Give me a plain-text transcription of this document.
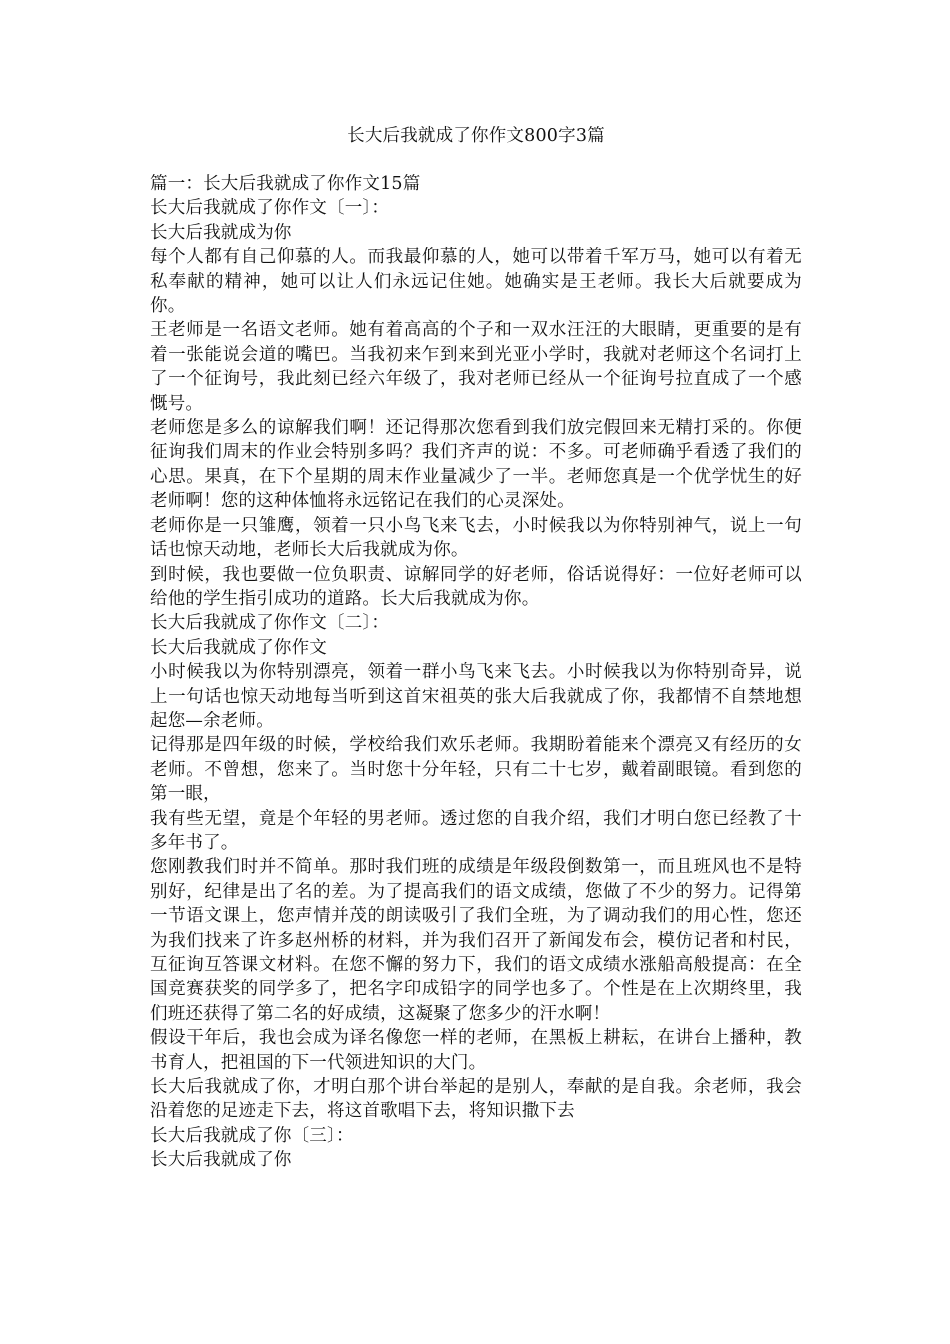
长大后我就成了你作文800字3篇
篇一：长大后我就成了你作文15篇
长大后我就成了你作文〔一〕：
长大后我就成为你
每个人都有自己仰慕的人。而我最仰慕的人，她可以带着千军万马，她可以有着无私奉献的精神，她可以让人们永远记住她。她确实是王老师。我长大后就要成为你。
王老师是一名语文老师。她有着高高的个子和一双水汪汪的大眼睛，更重要的是有着一张能说会道的嘴巴。当我初来乍到来到光亚小学时，我就对老师这个名词打上了一个征询号，我此刻已经六年级了，我对老师已经从一个征询号拉直成了一个感慨号。
老师您是多么的谅解我们啊！还记得那次您看到我们放完假回来无精打采的。你便征询我们周末的作业会特别多吗？我们齐声的说：不多。可老师确乎看透了我们的心思。果真，在下个星期的周末作业量减少了一半。老师您真是一个优学忧生的好老师啊！您的这种体恤将永远铭记在我们的心灵深处。
老师你是一只雏鹰，领着一只小鸟飞来飞去，小时候我以为你特别神气，说上一句话也惊天动地，老师长大后我就成为你。
到时候，我也要做一位负职责、谅解同学的好老师，俗话说得好：一位好老师可以给他的学生指引成功的道路。长大后我就成为你。
长大后我就成了你作文〔二〕：
长大后我就成了你作文
小时候我以为你特别漂亮，领着一群小鸟飞来飞去。小时候我以为你特别奇异，说上一句话也惊天动地每当听到这首宋祖英的张大后我就成了你，我都情不自禁地想起您—余老师。
记得那是四年级的时候，学校给我们欢乐老师。我期盼着能来个漂亮又有经历的女老师。不曾想，您来了。当时您十分年轻，只有二十七岁，戴着副眼镜。看到您的第一眼，
我有些无望，竟是个年轻的男老师。透过您的自我介绍，我们才明白您已经教了十多年书了。
您刚教我们时并不简单。那时我们班的成绩是年级段倒数第一，而且班风也不是特别好，纪律是出了名的差。为了提高我们的语文成绩，您做了不少的努力。记得第一节语文课上，您声情并茂的朗读吸引了我们全班，为了调动我们的用心性，您还为我们找来了许多赵州桥的材料，并为我们召开了新闻发布会，模仿记者和村民，互征询互答课文材料。在您不懈的努力下，我们的语文成绩水涨船高般提高：在全国竞赛获奖的同学多了，把名字印成铅字的同学也多了。个性是在上次期终里，我们班还获得了第二名的好成绩，这凝聚了您多少的汗水啊！
假设干年后，我也会成为译名像您一样的老师，在黑板上耕耘，在讲台上播种，教书育人，把祖国的下一代领进知识的大门。
长大后我就成了你，才明白那个讲台举起的是别人，奉献的是自我。余老师，我会沿着您的足迹走下去，将这首歌唱下去，将知识撒下去
长大后我就成了你〔三〕：
长大后我就成了你
